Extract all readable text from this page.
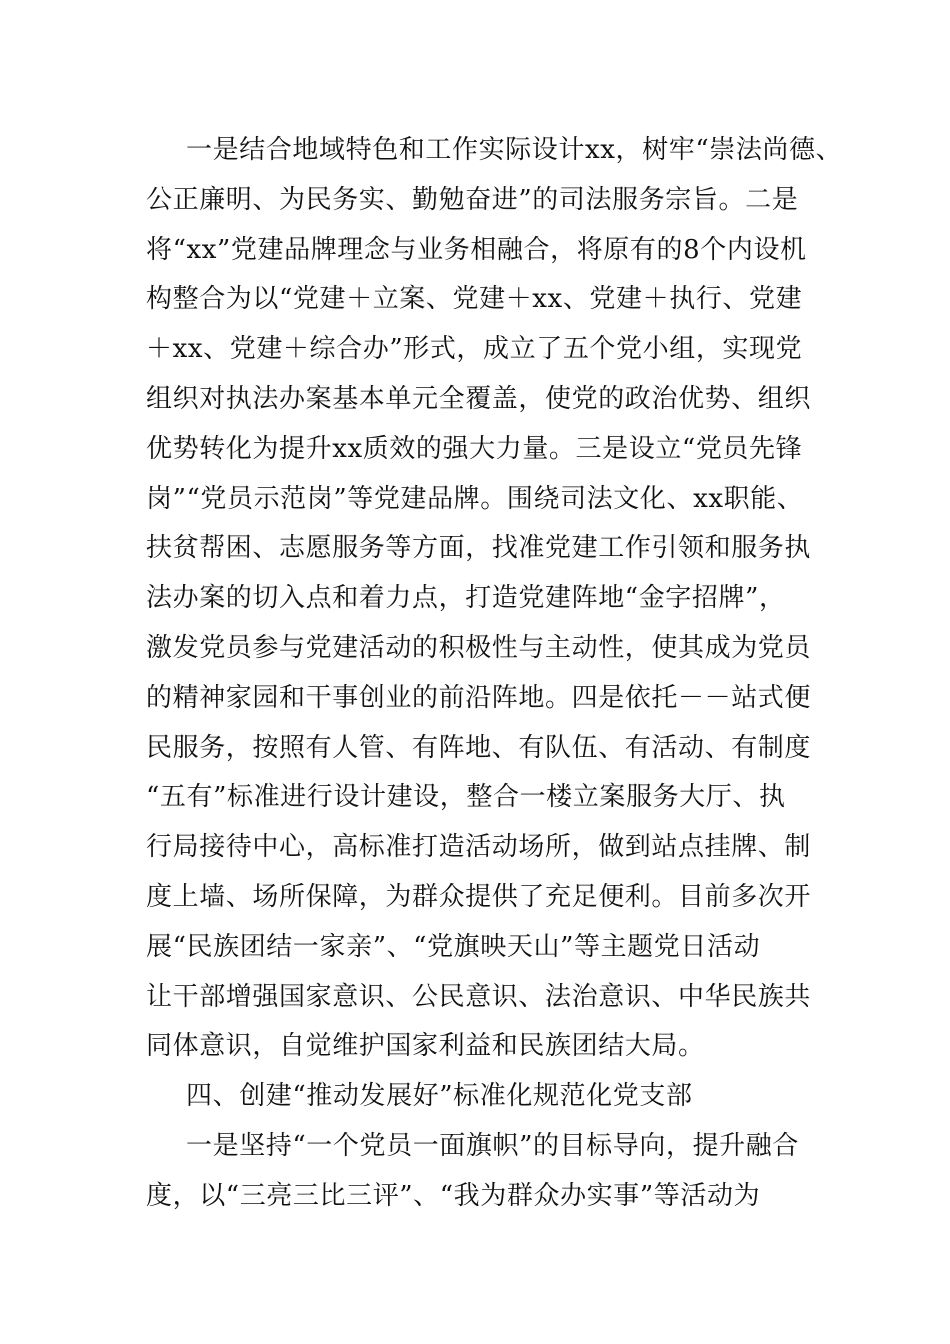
一是结合地域特色和工作实际设计xx，树牢“崇法尚德、
公正廉明、为民务实、勤勉奋进”的司法服务宗旨。二是
将“xx”党建品牌理念与业务相融合，将原有的8个内设机
构整合为以“党建＋立案、党建＋xx、党建＋执行、党建
＋xx、党建＋综合办”形式，成立了五个党小组，实现党
组织对执法办案基本单元全覆盖，使党的政治优势、组织
优势转化为提升xx质效的强大力量。三是设立“党员先锋
岗”“党员示范岗”等党建品牌。围绕司法文化、xx职能、
扶贫帮困、志愿服务等方面，找准党建工作引领和服务执
法办案的切入点和着力点，打造党建阵地“金字招牌”，
激发党员参与党建活动的积极性与主动性，使其成为党员
的精神家园和干事创业的前沿阵地。四是依托－－站式便
民服务，按照有人管、有阵地、有队伍、有活动、有制度
“五有”标准进行设计建设，整合一楼立案服务大厅、执
行局接待中心，高标准打造活动场所，做到站点挂牌、制
度上墙、场所保障，为群众提供了充足便利。目前多次开
展“民族团结一家亲”、“党旗映天山”等主题党日活动
让干部增强国家意识、公民意识、法治意识、中华民族共
同体意识，自觉维护国家利益和民族团结大局。
四、创建“推动发展好”标准化规范化党支部
一是坚持“一个党员一面旗帜”的目标导向，提升融合
度，以“三亮三比三评”、“我为群众办实事”等活动为
